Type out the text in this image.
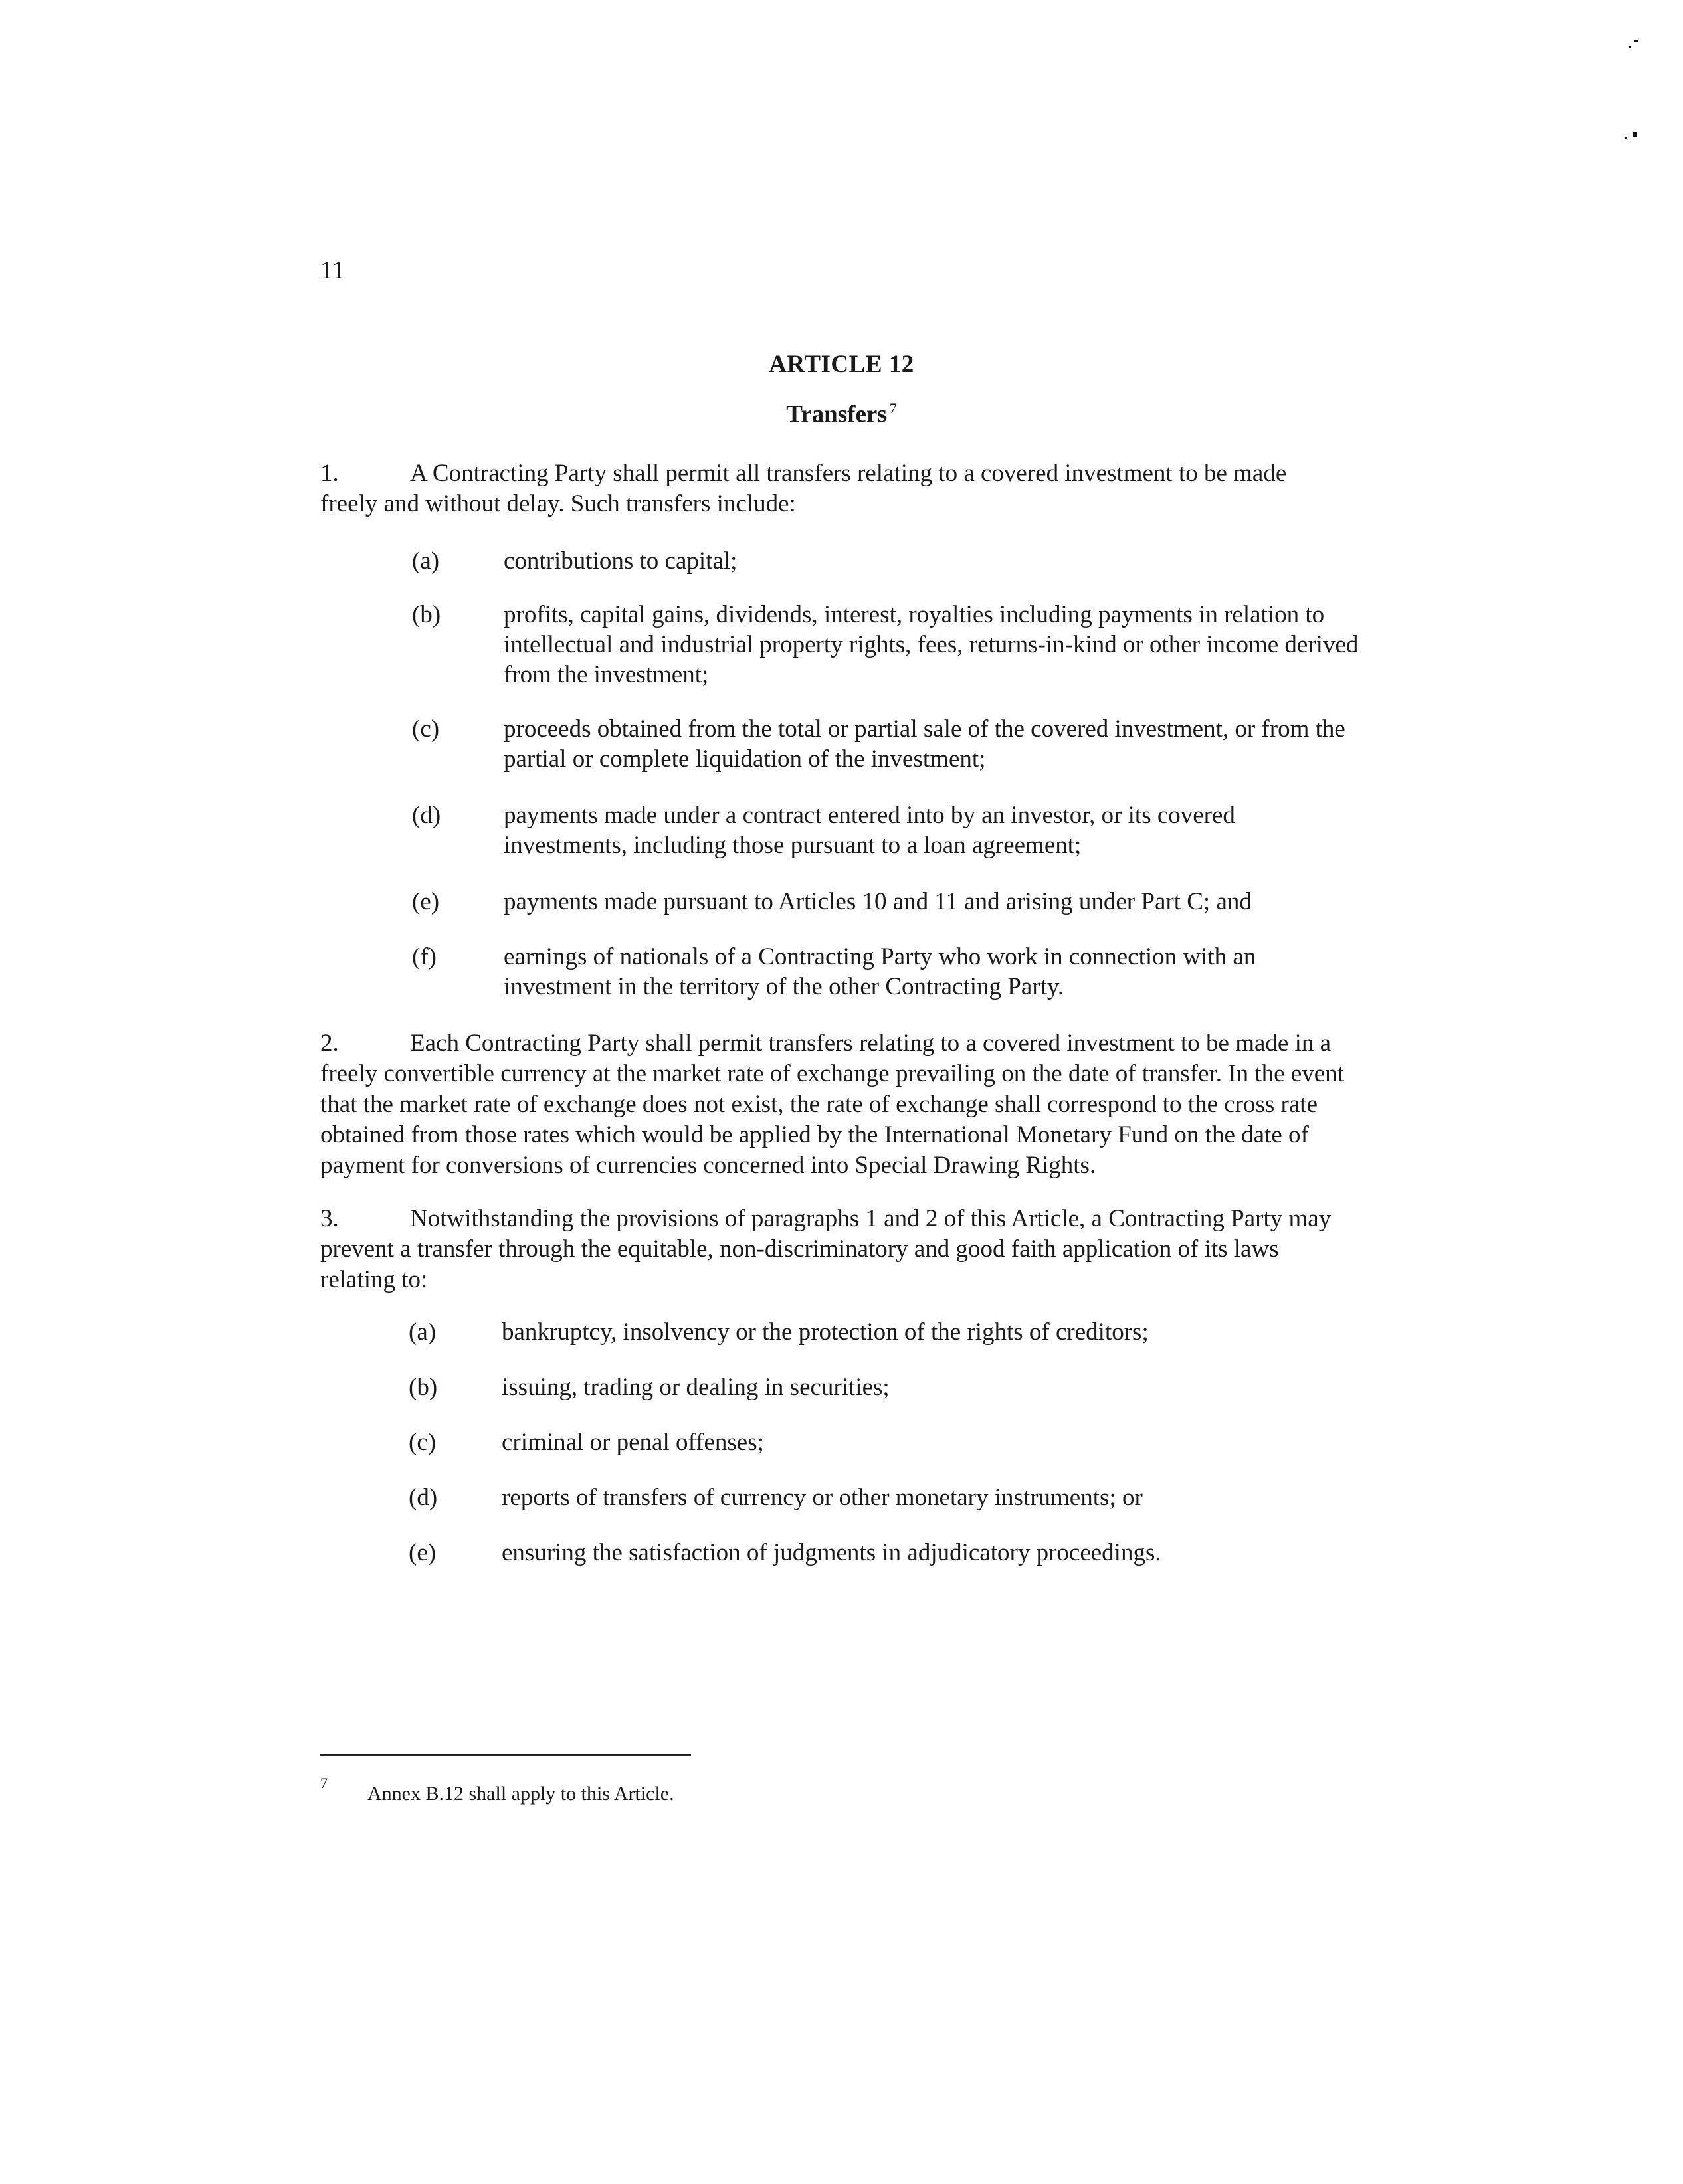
11
ARTICLE 12
Transfers $^7$
1.	A Contracting Party shall permit all transfers relating to a covered investment to be made freely and without delay. Such transfers include:
(a)	contributions to capital;
(b)	profits, capital gains, dividends, interest, royalties including payments in relation to intellectual and industrial property rights, fees, returns-in-kind or other income derived from the investment;
(c)	proceeds obtained from the total or partial sale of the covered investment, or from the partial or complete liquidation of the investment;
(d)	payments made under a contract entered into by an investor, or its covered investments, including those pursuant to a loan agreement;
(e)	payments made pursuant to Articles 10 and 11 and arising under Part C; and
(f)	earnings of nationals of a Contracting Party who work in connection with an investment in the territory of the other Contracting Party.
2.	Each Contracting Party shall permit transfers relating to a covered investment to be made in a freely convertible currency at the market rate of exchange prevailing on the date of transfer. In the event that the market rate of exchange does not exist, the rate of exchange shall correspond to the cross rate obtained from those rates which would be applied by the International Monetary Fund on the date of payment for conversions of currencies concerned into Special Drawing Rights.
3.	Notwithstanding the provisions of paragraphs 1 and 2 of this Article, a Contracting Party may prevent a transfer through the equitable, non-discriminatory and good faith application of its laws relating to:
(a)	bankruptcy, insolvency or the protection of the rights of creditors;
(b)	issuing, trading or dealing in securities;
(c)	criminal or penal offenses;
(d)	reports of transfers of currency or other monetary instruments; or
(e)	ensuring the satisfaction of judgments in adjudicatory proceedings.
7 Annex B.12 shall apply to this Article.
